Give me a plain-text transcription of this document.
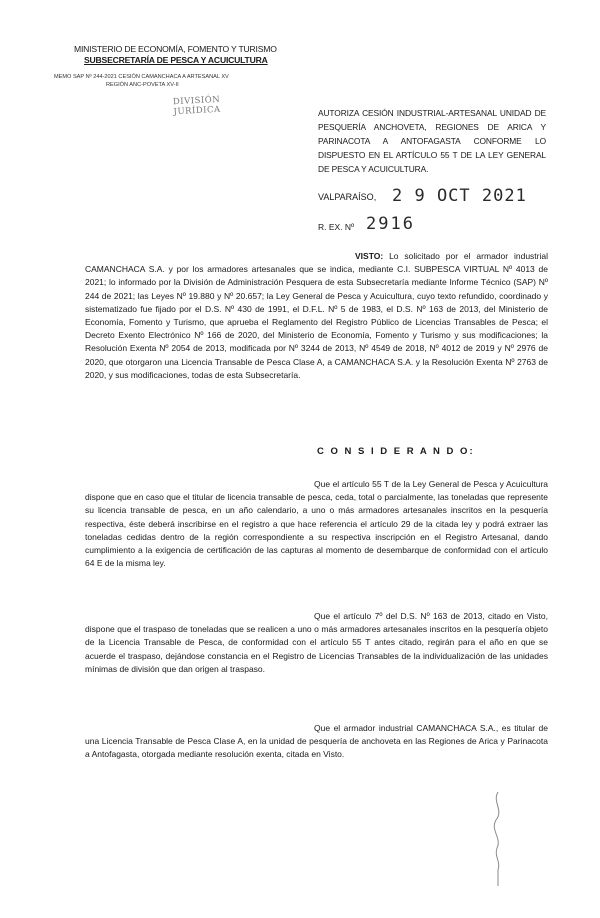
MINISTERIO DE ECONOMÍA, FOMENTO Y TURISMO
SUBSECRETARÍA DE PESCA Y ACUICULTURA
MEMO SAP Nº 244-2021 CESIÓN CAMANCHACA A ARTESANAL XV
REGIÓN ANC-POVETA XV-II
DIVISIÓN
JURÍDICA	AUTORIZA CESIÓN INDUSTRIAL-ARTESANAL UNIDAD DE PESQUERÍA ANCHOVETA, REGIONES DE ARICA Y PARINACOTA A ANTOFAGASTA CONFORME LO DISPUESTO EN EL ARTÍCULO 55 T DE LA LEY GENERAL DE PESCA Y ACUICULTURA.
VALPARAÍSO, 2 9 OCT 2021
R. EX. Nº 2916
VISTO: Lo solicitado por el armador industrial CAMANCHACA S.A. y por los armadores artesanales que se indica, mediante C.I. SUBPESCA VIRTUAL Nº 4013 de 2021; lo informado por la División de Administración Pesquera de esta Subsecretaría mediante Informe Técnico (SAP) Nº 244 de 2021; las Leyes Nº 19.880 y Nº 20.657; la Ley General de Pesca y Acuicultura, cuyo texto refundido, coordinado y sistematizado fue fijado por el D.S. Nº 430 de 1991, el D.F.L. Nº 5 de 1983, el D.S. Nº 163 de 2013, del Ministerio de Economía, Fomento y Turismo, que aprueba el Reglamento del Registro Público de Licencias Transables de Pesca; el Decreto Exento Electrónico Nº 166 de 2020, del Ministerio de Economía, Fomento y Turismo y sus modificaciones; la Resolución Exenta Nº 2054 de 2013, modificada por Nº 3244 de 2013, Nº 4549 de 2018, Nº 4012 de 2019 y Nº 2976 de 2020, que otorgaron una Licencia Transable de Pesca Clase A, a CAMANCHACA S.A. y la Resolución Exenta Nº 2763 de 2020, y sus modificaciones, todas de esta Subsecretaría.
C O N S I D E R A N D O:
Que el artículo 55 T de la Ley General de Pesca y Acuicultura dispone que en caso que el titular de licencia transable de pesca, ceda, total o parcialmente, las toneladas que represente su licencia transable de pesca, en un año calendario, a uno o más armadores artesanales inscritos en la pesquería respectiva, éste deberá inscribirse en el registro a que hace referencia el artículo 29 de la citada ley y podrá extraer las toneladas cedidas dentro de la región correspondiente a su respectiva inscripción en el Registro Artesanal, dando cumplimiento a la exigencia de certificación de las capturas al momento de desembarque de conformidad con el artículo 64 E de la misma ley.
Que el artículo 7º del D.S. Nº 163 de 2013, citado en Visto, dispone que el traspaso de toneladas que se realicen a uno o más armadores artesanales inscritos en la pesquería objeto de la Licencia Transable de Pesca, de conformidad con el artículo 55 T antes citado, regirán para el año en que se acuerde el traspaso, dejándose constancia en el Registro de Licencias Transables de la individualización de las unidades mínimas de división que dan origen al traspaso.
Que el armador industrial CAMANCHACA S.A., es titular de una Licencia Transable de Pesca Clase A, en la unidad de pesquería de anchoveta en las Regiones de Arica y Parinacota a Antofagasta, otorgada mediante resolución exenta, citada en Visto.
